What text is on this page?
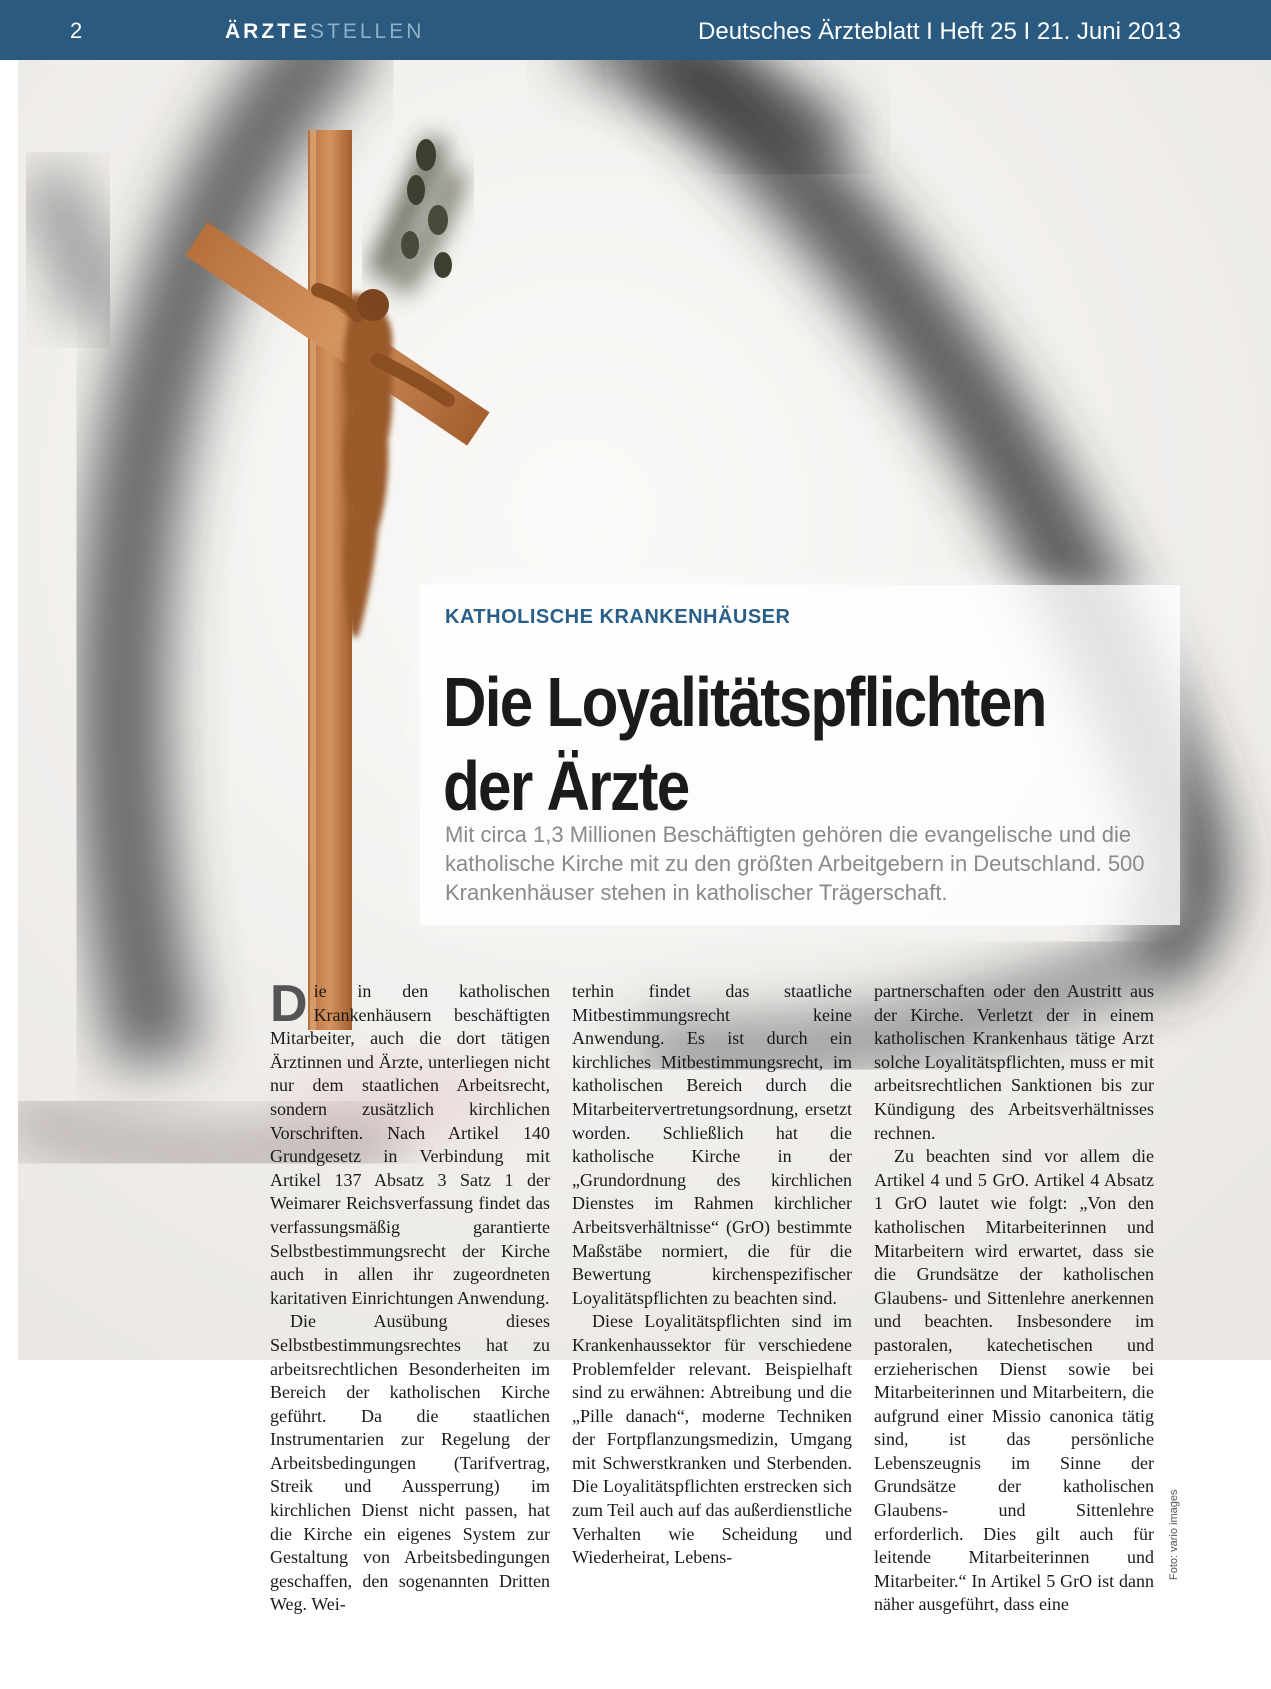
2	ÄRZTESTELLEN	Deutsches Ärzteblatt I Heft 25 I 21. Juni 2013
KATHOLISCHE KRANKENHÄUSER
Die Loyalitätspflichten der Ärzte

Mit circa 1,3 Millionen Beschäftigten gehören die evangelische und die katholische Kirche mit zu den größten Arbeitgebern in Deutschland. 500 Krankenhäuser stehen in katholischer Trägerschaft.

Die in den katholischen Krankenhäusern beschäftigten Mitarbeiter, auch die dort tätigen Ärztinnen und Ärzte, unterliegen nicht nur dem staatlichen Arbeitsrecht, sondern zusätzlich kirchlichen Vorschriften. Nach Artikel 140 Grundgesetz in Verbindung mit Artikel 137 Absatz 3 Satz 1 der Weimarer Reichsverfassung findet das verfassungsmäßig garantierte Selbstbestimmungsrecht der Kirche auch in allen ihr zugeordneten karitativen Einrichtungen Anwendung.

Die Ausübung dieses Selbstbestimmungsrechtes hat zu arbeitsrechtlichen Besonderheiten im Bereich der katholischen Kirche geführt. Da die staatlichen Instrumentarien zur Regelung der Arbeitsbedingungen (Tarifvertrag, Streik und Aussperrung) im kirchlichen Dienst nicht passen, hat die Kirche ein eigenes System zur Gestaltung von Arbeitsbedingungen geschaffen, den sogenannten Dritten Weg. Wei-

terhin findet das staatliche Mitbestimmungsrecht keine Anwendung. Es ist durch ein kirchliches Mitbestimmungsrecht, im katholischen Bereich durch die Mitarbeitervertretungsordnung, ersetzt worden. Schließlich hat die katholische Kirche in der „Grundordnung des kirchlichen Dienstes im Rahmen kirchlicher Arbeitsverhältnisse“ (GrO) bestimmte Maßstäbe normiert, die für die Bewertung kirchenspezifischer Loyalitätspflichten zu beachten sind.

Diese Loyalitätspflichten sind im Krankenhaussektor für verschiedene Problemfelder relevant. Beispielhaft sind zu erwähnen: Abtreibung und die „Pille danach“, moderne Techniken der Fortpflanzungsmedizin, Umgang mit Schwerstkranken und Sterbenden. Die Loyalitätspflichten erstrecken sich zum Teil auch auf das außerdienstliche Verhalten wie Scheidung und Wiederheirat, Lebens-

partnerschaften oder den Austritt aus der Kirche. Verletzt der in einem katholischen Krankenhaus tätige Arzt solche Loyalitätspflichten, muss er mit arbeitsrechtlichen Sanktionen bis zur Kündigung des Arbeitsverhältnisses rechnen.

Zu beachten sind vor allem die Artikel 4 und 5 GrO. Artikel 4 Absatz 1 GrO lautet wie folgt: „Von den katholischen Mitarbeiterinnen und Mitarbeitern wird erwartet, dass sie die Grundsätze der katholischen Glaubens- und Sittenlehre anerkennen und beachten. Insbesondere im pastoralen, katechetischen und erzieherischen Dienst sowie bei Mitarbeiterinnen und Mitarbeitern, die aufgrund einer Missio canonica tätig sind, ist das persönliche Lebenszeugnis im Sinne der Grundsätze der katholischen Glaubens- und Sittenlehre erforderlich. Dies gilt auch für leitende Mitarbeiterinnen und Mitarbeiter.“ In Artikel 5 GrO ist dann näher ausgeführt, dass eine

Foto: vario images
